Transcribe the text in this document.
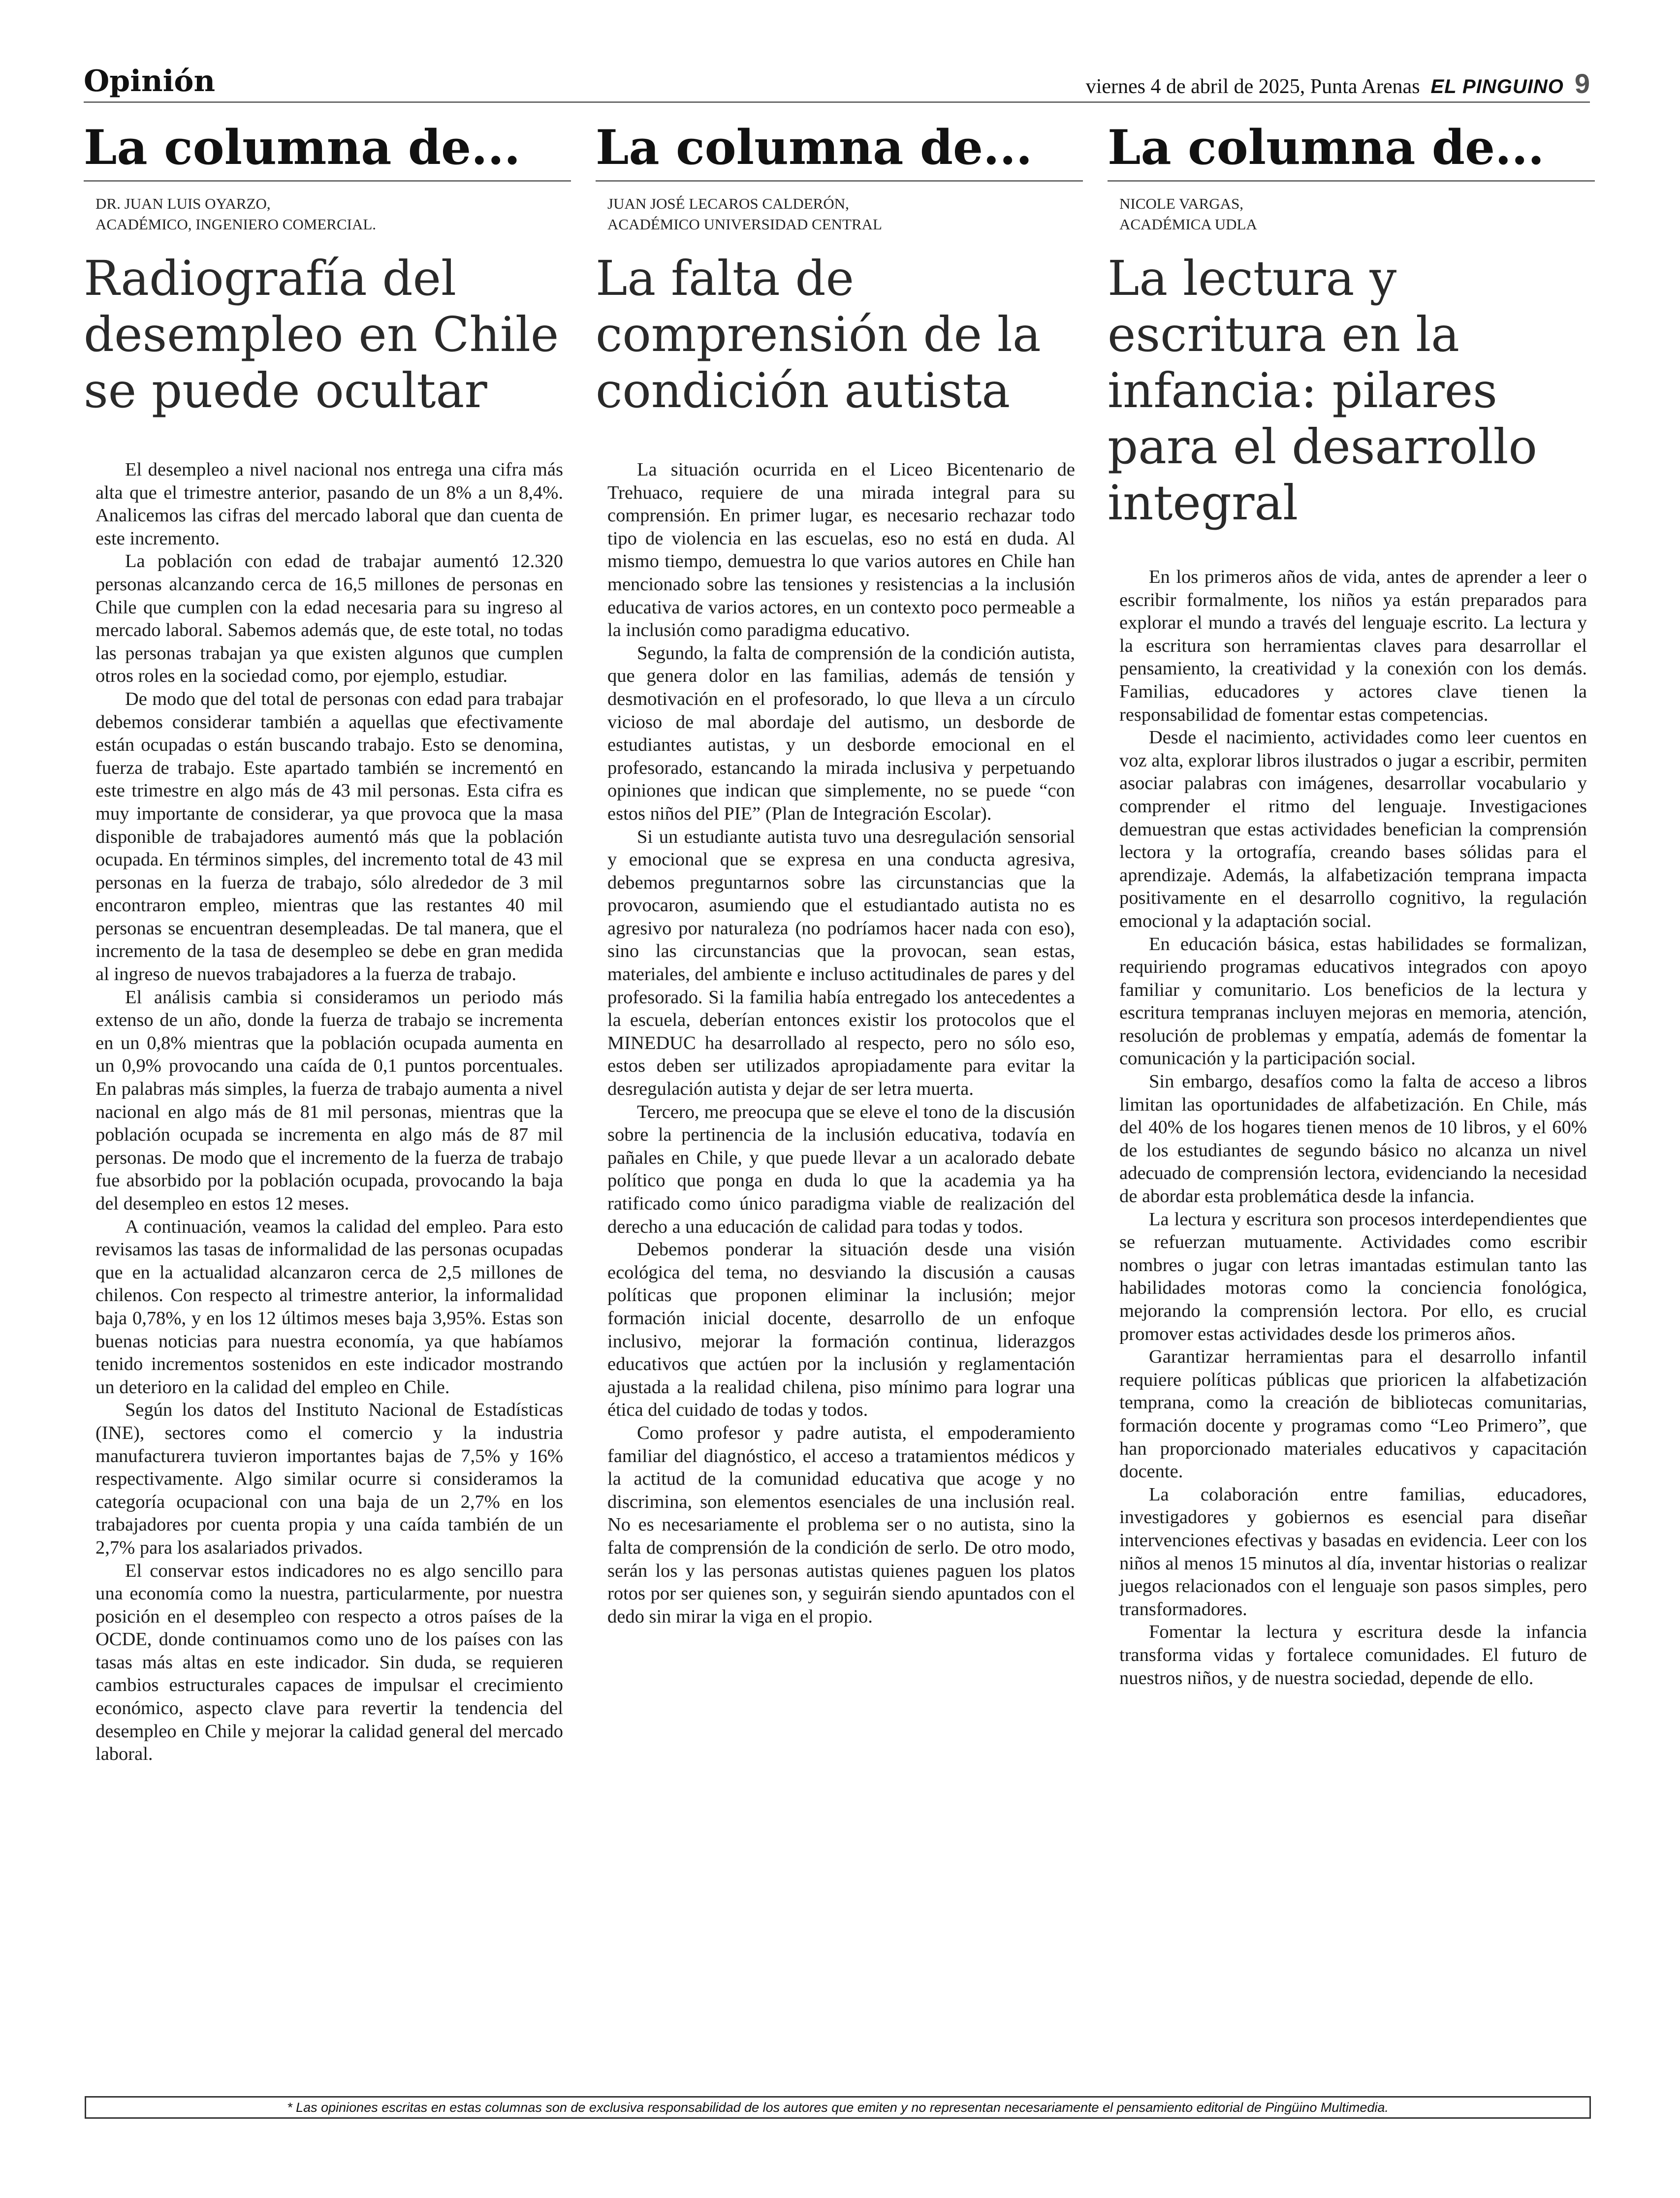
Opinión	viernes 4 de abril de 2025, Punta Arenas EL PINGUINO 9
La columna de...
DR. JUAN LUIS OYARZO,
ACADÉMICO, INGENIERO COMERCIAL.
Radiografía del desempleo en Chile se puede ocultar

El desempleo a nivel nacional nos entrega una cifra más alta que el trimestre anterior, pasando de un 8% a un 8,4%. Analicemos las cifras del mercado laboral que dan cuenta de este incremento.

La población con edad de trabajar aumentó 12.320 personas alcanzando cerca de 16,5 millones de personas en Chile que cumplen con la edad necesaria para su ingreso al mercado laboral. Sabemos además que, de este total, no todas las personas trabajan ya que existen algunos que cumplen otros roles en la sociedad como, por ejemplo, estudiar.

De modo que del total de personas con edad para trabajar debemos considerar también a aquellas que efectivamente están ocupadas o están buscando trabajo. Esto se denomina, fuerza de trabajo. Este apartado también se incrementó en este trimestre en algo más de 43 mil personas. Esta cifra es muy importante de considerar, ya que provoca que la masa disponible de trabajadores aumentó más que la población ocupada. En términos simples, del incremento total de 43 mil personas en la fuerza de trabajo, sólo alrededor de 3 mil encontraron empleo, mientras que las restantes 40 mil personas se encuentran desempleadas. De tal manera, que el incremento de la tasa de desempleo se debe en gran medida al ingreso de nuevos trabajadores a la fuerza de trabajo.

El análisis cambia si consideramos un periodo más extenso de un año, donde la fuerza de trabajo se incrementa en un 0,8% mientras que la población ocupada aumenta en un 0,9% provocando una caída de 0,1 puntos porcentuales. En palabras más simples, la fuerza de trabajo aumenta a nivel nacional en algo más de 81 mil personas, mientras que la población ocupada se incrementa en algo más de 87 mil personas. De modo que el incremento de la fuerza de trabajo fue absorbido por la población ocupada, provocando la baja del desempleo en estos 12 meses.

A continuación, veamos la calidad del empleo. Para esto revisamos las tasas de informalidad de las personas ocupadas que en la actualidad alcanzaron cerca de 2,5 millones de chilenos. Con respecto al trimestre anterior, la informalidad baja 0,78%, y en los 12 últimos meses baja 3,95%. Estas son buenas noticias para nuestra economía, ya que habíamos tenido incrementos sostenidos en este indicador mostrando un deterioro en la calidad del empleo en Chile.

Según los datos del Instituto Nacional de Estadísticas (INE), sectores como el comercio y la industria manufacturera tuvieron importantes bajas de 7,5% y 16% respectivamente. Algo similar ocurre si consideramos la categoría ocupacional con una baja de un 2,7% en los trabajadores por cuenta propia y una caída también de un 2,7% para los asalariados privados.

El conservar estos indicadores no es algo sencillo para una economía como la nuestra, particularmente, por nuestra posición en el desempleo con respecto a otros países de la OCDE, donde continuamos como uno de los países con las tasas más altas en este indicador. Sin duda, se requieren cambios estructurales capaces de impulsar el crecimiento económico, aspecto clave para revertir la tendencia del desempleo en Chile y mejorar la calidad general del mercado laboral.

La columna de...
JUAN JOSÉ LECAROS CALDERÓN,
ACADÉMICO UNIVERSIDAD CENTRAL
La falta de comprensión de la condición autista

La situación ocurrida en el Liceo Bicentenario de Trehuaco, requiere de una mirada integral para su comprensión. En primer lugar, es necesario rechazar todo tipo de violencia en las escuelas, eso no está en duda. Al mismo tiempo, demuestra lo que varios autores en Chile han mencionado sobre las tensiones y resistencias a la inclusión educativa de varios actores, en un contexto poco permeable a la inclusión como paradigma educativo.

Segundo, la falta de comprensión de la condición autista, que genera dolor en las familias, además de tensión y desmotivación en el profesorado, lo que lleva a un círculo vicioso de mal abordaje del autismo, un desborde de estudiantes autistas, y un desborde emocional en el profesorado, estancando la mirada inclusiva y perpetuando opiniones que indican que simplemente, no se puede “con estos niños del PIE” (Plan de Integración Escolar).

Si un estudiante autista tuvo una desregulación sensorial y emocional que se expresa en una conducta agresiva, debemos preguntarnos sobre las circunstancias que la provocaron, asumiendo que el estudiantado autista no es agresivo por naturaleza (no podríamos hacer nada con eso), sino las circunstancias que la provocan, sean estas, materiales, del ambiente e incluso actitudinales de pares y del profesorado. Si la familia había entregado los antecedentes a la escuela, deberían entonces existir los protocolos que el MINEDUC ha desarrollado al respecto, pero no sólo eso, estos deben ser utilizados apropiadamente para evitar la desregulación autista y dejar de ser letra muerta.

Tercero, me preocupa que se eleve el tono de la discusión sobre la pertinencia de la inclusión educativa, todavía en pañales en Chile, y que puede llevar a un acalorado debate político que ponga en duda lo que la academia ya ha ratificado como único paradigma viable de realización del derecho a una educación de calidad para todas y todos.

Debemos ponderar la situación desde una visión ecológica del tema, no desviando la discusión a causas políticas que proponen eliminar la inclusión; mejor formación inicial docente, desarrollo de un enfoque inclusivo, mejorar la formación continua, liderazgos educativos que actúen por la inclusión y reglamentación ajustada a la realidad chilena, piso mínimo para lograr una ética del cuidado de todas y todos.

Como profesor y padre autista, el empoderamiento familiar del diagnóstico, el acceso a tratamientos médicos y la actitud de la comunidad educativa que acoge y no discrimina, son elementos esenciales de una inclusión real. No es necesariamente el problema ser o no autista, sino la falta de comprensión de la condición de serlo. De otro modo, serán los y las personas autistas quienes paguen los platos rotos por ser quienes son, y seguirán siendo apuntados con el dedo sin mirar la viga en el propio.

La columna de...
NICOLE VARGAS,
ACADÉMICA UDLA
La lectura y escritura en la infancia: pilares para el desarrollo integral

En los primeros años de vida, antes de aprender a leer o escribir formalmente, los niños ya están preparados para explorar el mundo a través del lenguaje escrito. La lectura y la escritura son herramientas claves para desarrollar el pensamiento, la creatividad y la conexión con los demás. Familias, educadores y actores clave tienen la responsabilidad de fomentar estas competencias.

Desde el nacimiento, actividades como leer cuentos en voz alta, explorar libros ilustrados o jugar a escribir, permiten asociar palabras con imágenes, desarrollar vocabulario y comprender el ritmo del lenguaje. Investigaciones demuestran que estas actividades benefician la comprensión lectora y la ortografía, creando bases sólidas para el aprendizaje. Además, la alfabetización temprana impacta positivamente en el desarrollo cognitivo, la regulación emocional y la adaptación social.

En educación básica, estas habilidades se formalizan, requiriendo programas educativos integrados con apoyo familiar y comunitario. Los beneficios de la lectura y escritura tempranas incluyen mejoras en memoria, atención, resolución de problemas y empatía, además de fomentar la comunicación y la participación social.

Sin embargo, desafíos como la falta de acceso a libros limitan las oportunidades de alfabetización. En Chile, más del 40% de los hogares tienen menos de 10 libros, y el 60% de los estudiantes de segundo básico no alcanza un nivel adecuado de comprensión lectora, evidenciando la necesidad de abordar esta problemática desde la infancia.

La lectura y escritura son procesos interdependientes que se refuerzan mutuamente. Actividades como escribir nombres o jugar con letras imantadas estimulan tanto las habilidades motoras como la conciencia fonológica, mejorando la comprensión lectora. Por ello, es crucial promover estas actividades desde los primeros años.

Garantizar herramientas para el desarrollo infantil requiere políticas públicas que prioricen la alfabetización temprana, como la creación de bibliotecas comunitarias, formación docente y programas como “Leo Primero”, que han proporcionado materiales educativos y capacitación docente.

La colaboración entre familias, educadores, investigadores y gobiernos es esencial para diseñar intervenciones efectivas y basadas en evidencia. Leer con los niños al menos 15 minutos al día, inventar historias o realizar juegos relacionados con el lenguaje son pasos simples, pero transformadores.

Fomentar la lectura y escritura desde la infancia transforma vidas y fortalece comunidades. El futuro de nuestros niños, y de nuestra sociedad, depende de ello.

* Las opiniones escritas en estas columnas son de exclusiva responsabilidad de los autores que emiten y no representan necesariamente el pensamiento editorial de Pingüino Multimedia.
